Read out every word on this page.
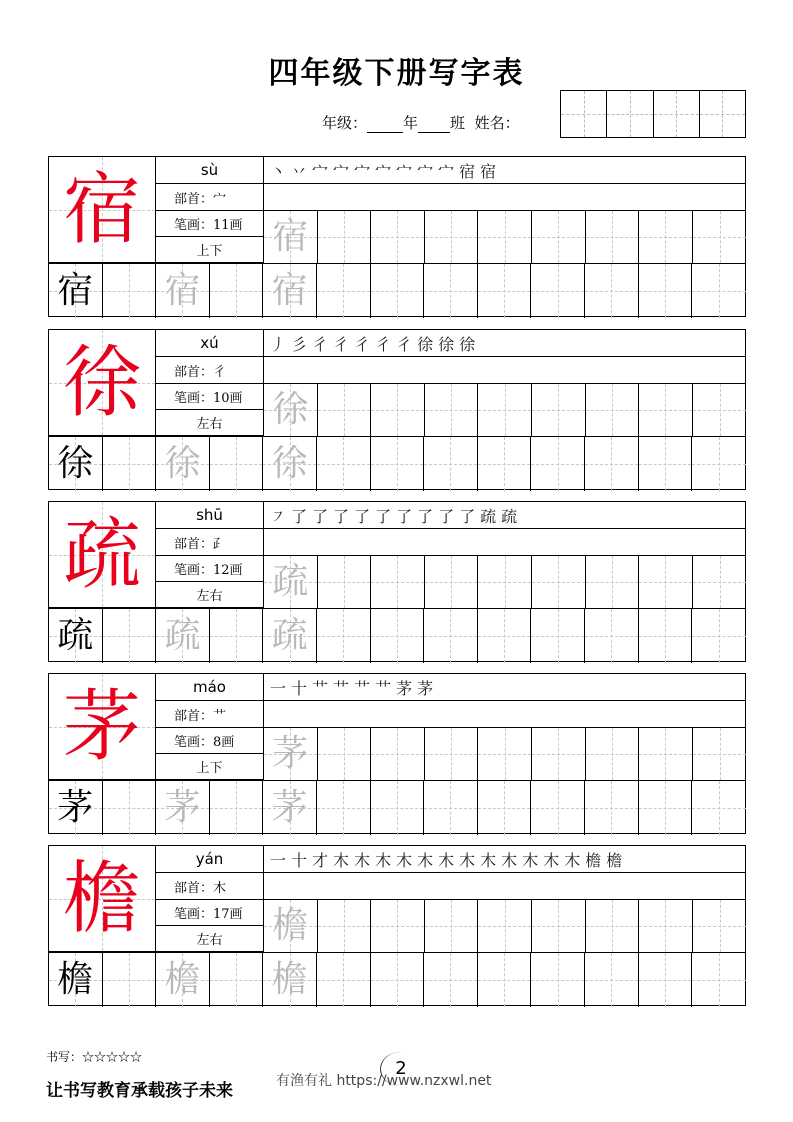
四年级下册写字表
年级： 年 班 姓名：
宿	sù
部首：宀
笔画：11画
上下
丶 丷 宀 宀 宀 宀 宀 宀 宀 宿 宿
宿
宿 宿 宿
徐	xú
部首：彳
笔画：10画
左右
丿 彡 彳 彳 彳 彳 彳 徐 徐 徐
徐
徐 徐 徐
疏	shū
部首：⺪
笔画：12画
左右
㇇ 了 了 了 了 了 了 了 了 了 疏 疏
疏
疏 疏 疏
茅	máo
部首：艹
笔画：8画
上下
一 十 艹 艹 艹 艹 茅 茅
茅
茅 茅 茅
檐	yán
部首：木
笔画：17画
左右
一 十 才 木 木 木 木 木 木 木 木 木 木 木 木 檐 檐
檐
檐 檐 檐
书写：☆☆☆☆☆
让书写教育承载孩子未来	有渔有礼 https://www.nzxwl.net
2
